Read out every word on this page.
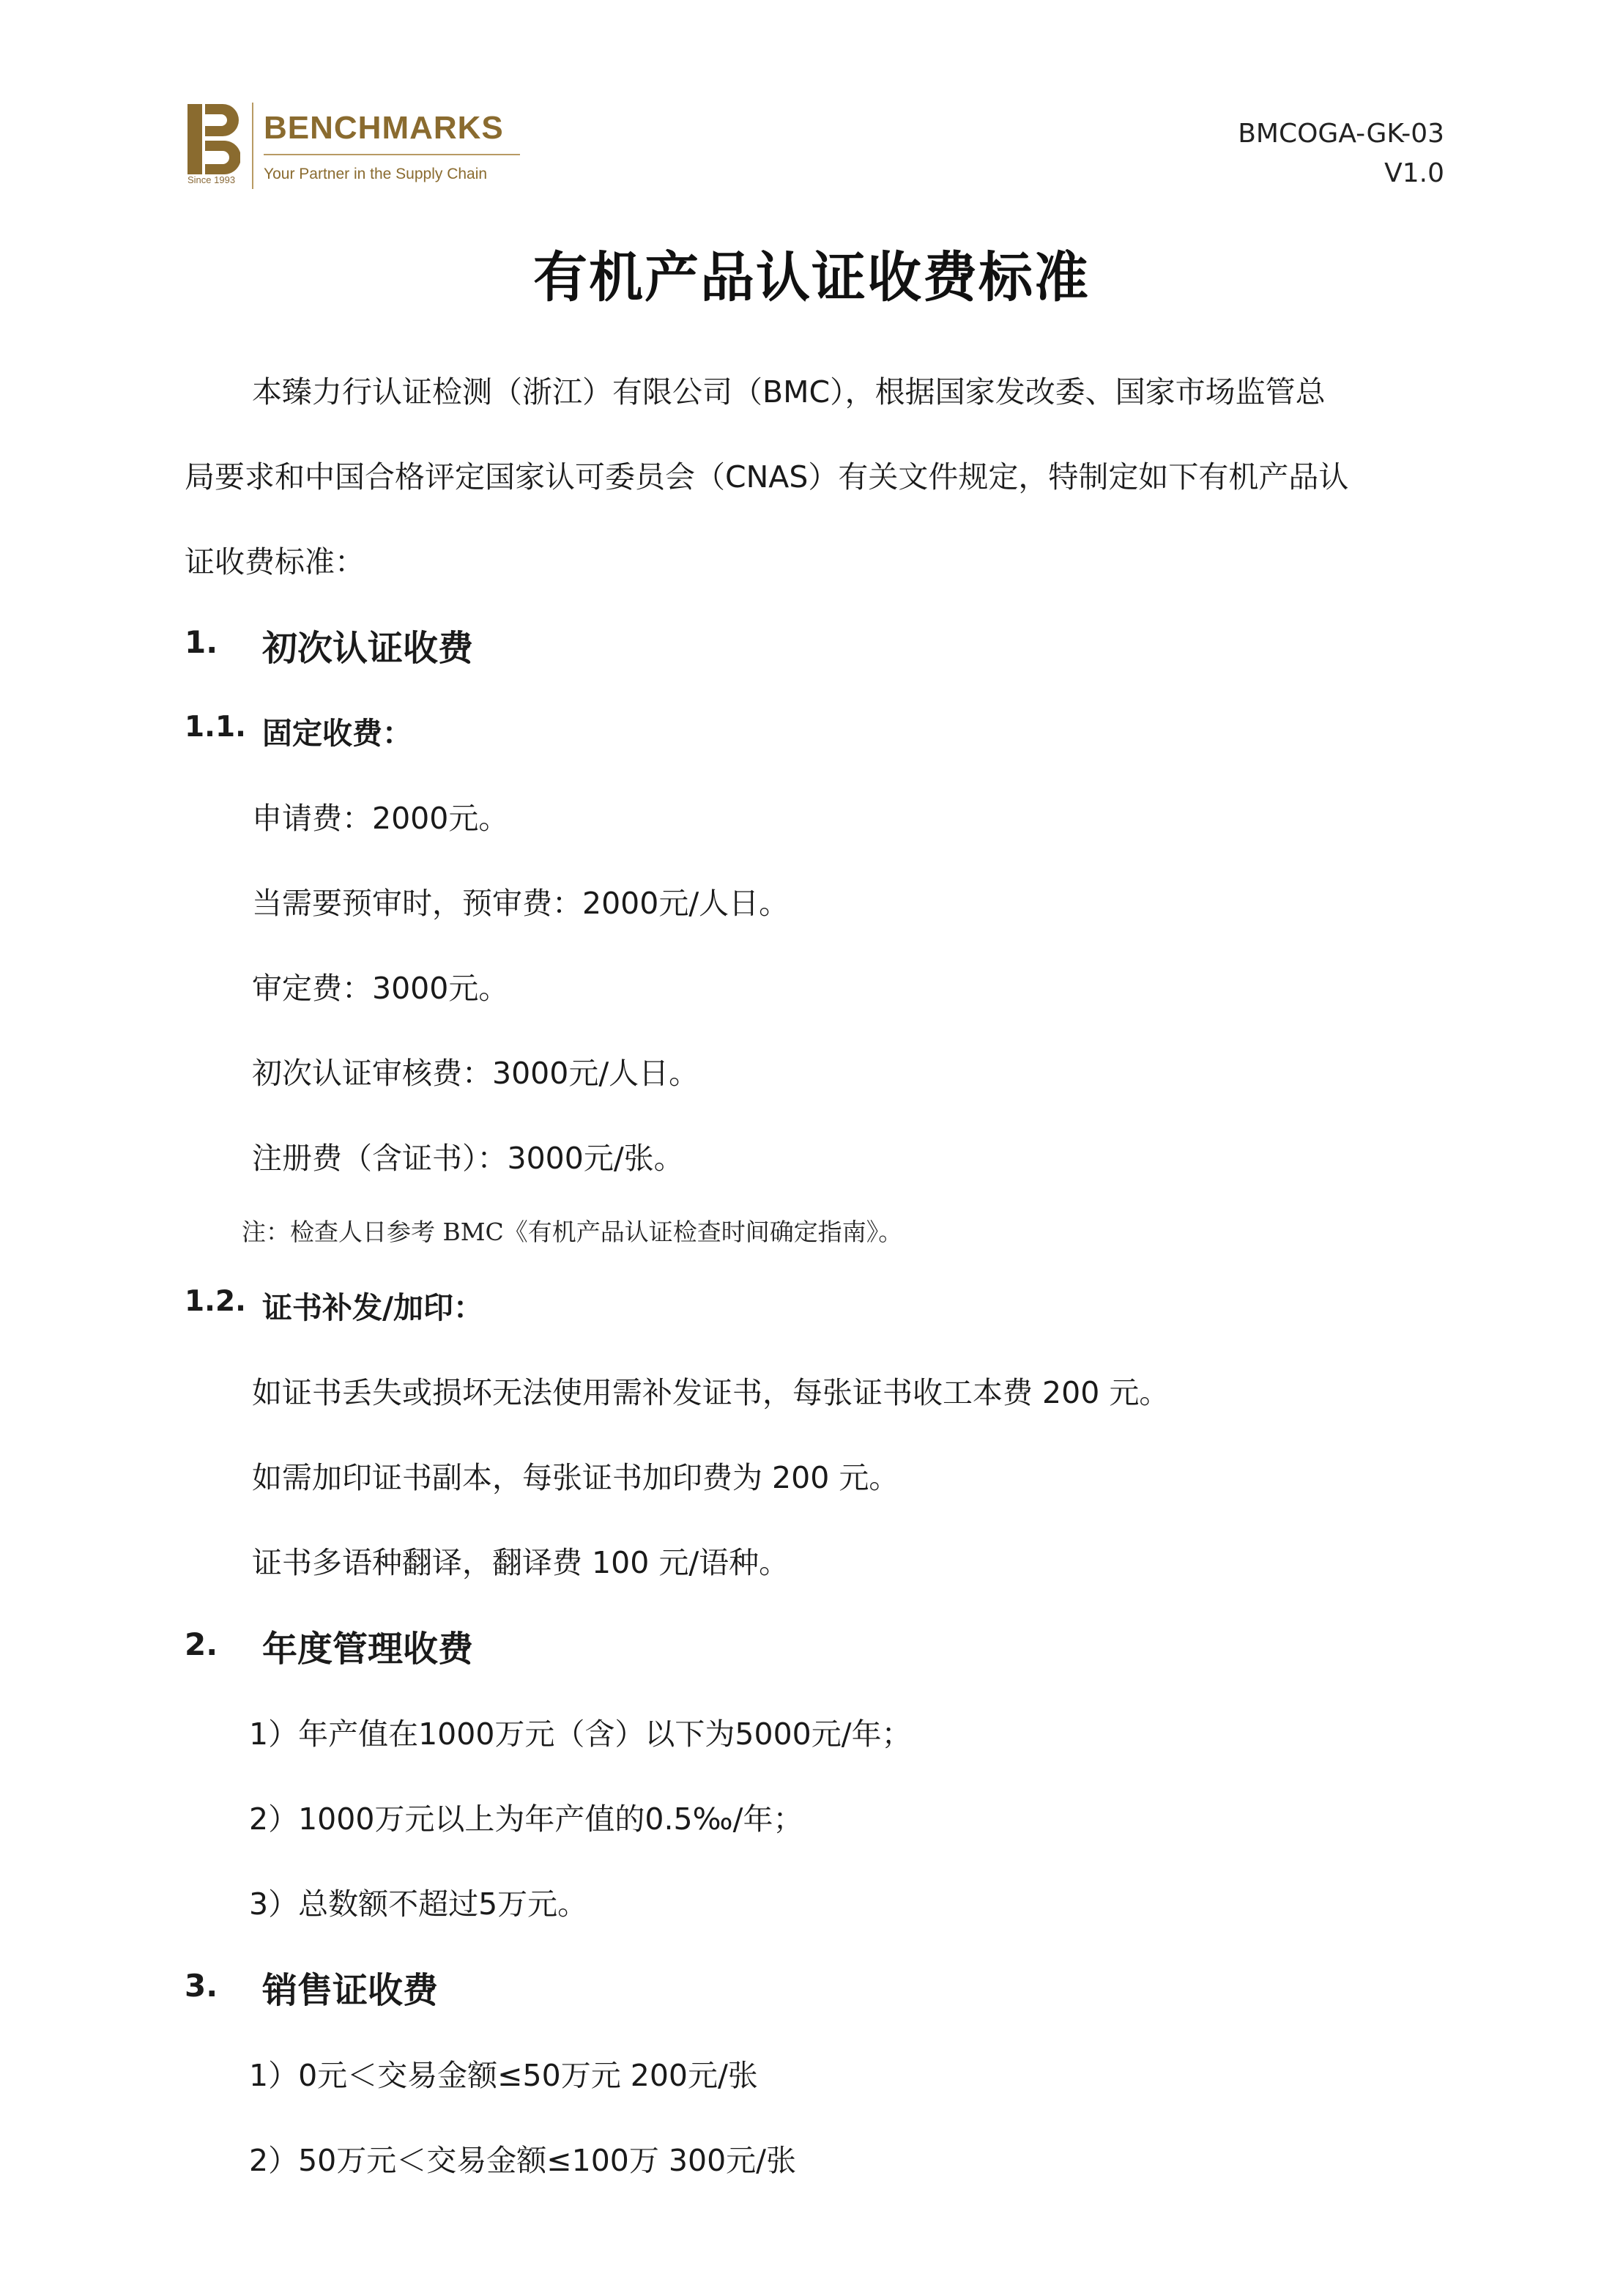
Since 1993
BENCHMARKS
Your Partner in the Supply Chain
BMCOGA-GK-03
V1.0
有机产品认证收费标准
本臻力行认证检测（浙江）有限公司（BMC），根据国家发改委、国家市场监管总
局要求和中国合格评定国家认可委员会（CNAS）有关文件规定，特制定如下有机产品认
证收费标准：
1. 初次认证收费
1.1. 固定收费：
申请费：2000元。
当需要预审时，预审费：2000元/人日。
审定费：3000元。
初次认证审核费：3000元/人日。
注册费（含证书）：3000元/张。
注：检查人日参考 BMC《有机产品认证检查时间确定指南》。
1.2. 证书补发/加印：
如证书丢失或损坏无法使用需补发证书，每张证书收工本费 200 元。
如需加印证书副本，每张证书加印费为 200 元。
证书多语种翻译，翻译费 100 元/语种。
2. 年度管理收费
1）年产值在1000万元（含）以下为5000元/年；
2）1000万元以上为年产值的0.5‰/年；
3）总数额不超过5万元。
3. 销售证收费
1）0元＜交易金额≤50万元 200元/张
2）50万元＜交易金额≤100万 300元/张
